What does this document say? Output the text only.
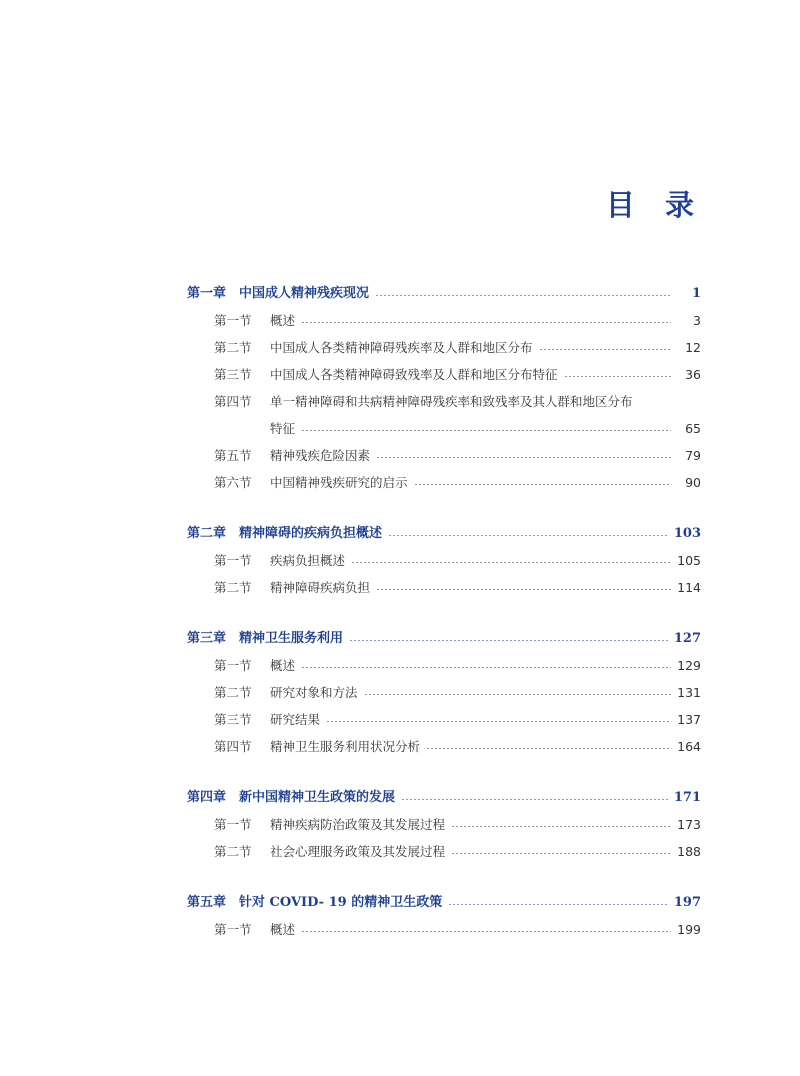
目 录
第一章 中国成人精神残疾现况	1
第一节	概述	3
第二节	中国成人各类精神障碍残疾率及人群和地区分布	12
第三节	中国成人各类精神障碍致残率及人群和地区分布特征	36
第四节	单一精神障碍和共病精神障碍残疾率和致残率及其人群和地区分布
特征	65
第五节	精神残疾危险因素	79
第六节	中国精神残疾研究的启示	90
第二章 精神障碍的疾病负担概述	103
第一节	疾病负担概述	105
第二节	精神障碍疾病负担	114
第三章 精神卫生服务利用	127
第一节	概述	129
第二节	研究对象和方法	131
第三节	研究结果	137
第四节	精神卫生服务利用状况分析	164
第四章 新中国精神卫生政策的发展	171
第一节	精神疾病防治政策及其发展过程	173
第二节	社会心理服务政策及其发展过程	188
第五章 针对 COVID- 19 的精神卫生政策	197
第一节	概述	199
